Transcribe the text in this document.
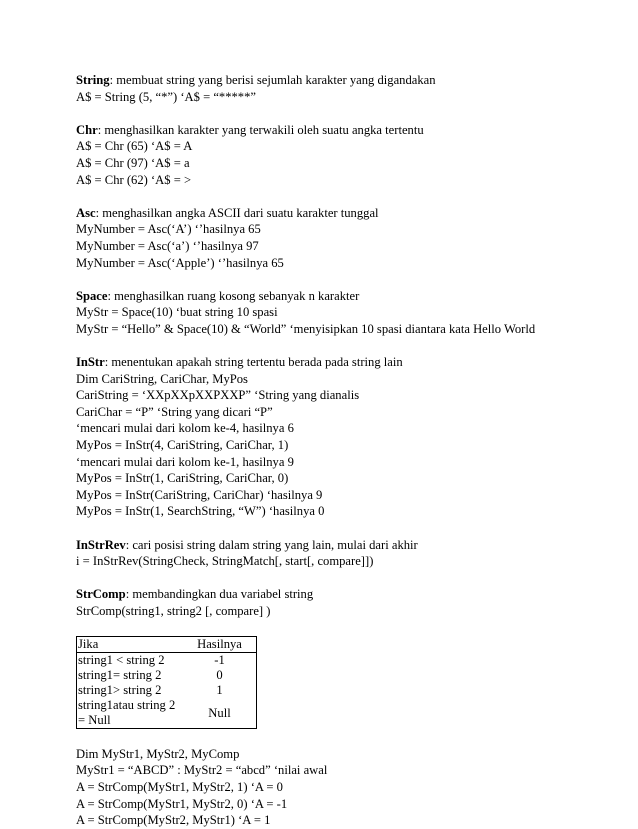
String: membuat string yang berisi sejumlah karakter yang digandakan
A$ = String (5, “*”) ‘A$ = “*****”
Chr: menghasilkan karakter yang terwakili oleh suatu angka tertentu
A$ = Chr (65) ‘A$ = A
A$ = Chr (97) ‘A$ = a
A$ = Chr (62) ‘A$ = >
Asc: menghasilkan angka ASCII dari suatu karakter tunggal
MyNumber = Asc(‘A’) ‘’hasilnya 65
MyNumber = Asc(‘a’) ‘’hasilnya 97
MyNumber = Asc(‘Apple’) ‘’hasilnya 65
Space: menghasilkan ruang kosong sebanyak n karakter
MyStr = Space(10) ‘buat string 10 spasi
MyStr = “Hello” & Space(10) & “World” ‘menyisipkan 10 spasi diantara kata Hello World
InStr: menentukan apakah string tertentu berada pada string lain
Dim CariString, CariChar, MyPos
CariString = ‘XXpXXpXXPXXP” ‘String yang dianalis
CariChar = “P” ‘String yang dicari “P”
‘mencari mulai dari kolom ke-4, hasilnya 6
MyPos = InStr(4, CariString, CariChar, 1)
‘mencari mulai dari kolom ke-1, hasilnya 9
MyPos = InStr(1, CariString, CariChar, 0)
MyPos = InStr(CariString, CariChar) ‘hasilnya 9
MyPos = InStr(1, SearchString, “W”) ‘hasilnya 0
InStrRev: cari posisi string dalam string yang lain, mulai dari akhir
i = InStrRev(StringCheck, StringMatch[, start[, compare]])
StrComp: membandingkan dua variabel string
StrComp(string1, string2 [, compare] )
Jika	Hasilnya
string1 < string 2	-1
string1= string 2	0
string1> string 2	1
string1atau string 2 = Null	Null
Dim MyStr1, MyStr2, MyComp
MyStr1 = “ABCD” : MyStr2 = “abcd” ‘nilai awal
A = StrComp(MyStr1, MyStr2, 1) ‘A = 0
A = StrComp(MyStr1, MyStr2, 0) ‘A = -1
A = StrComp(MyStr2, MyStr1) ‘A = 1
